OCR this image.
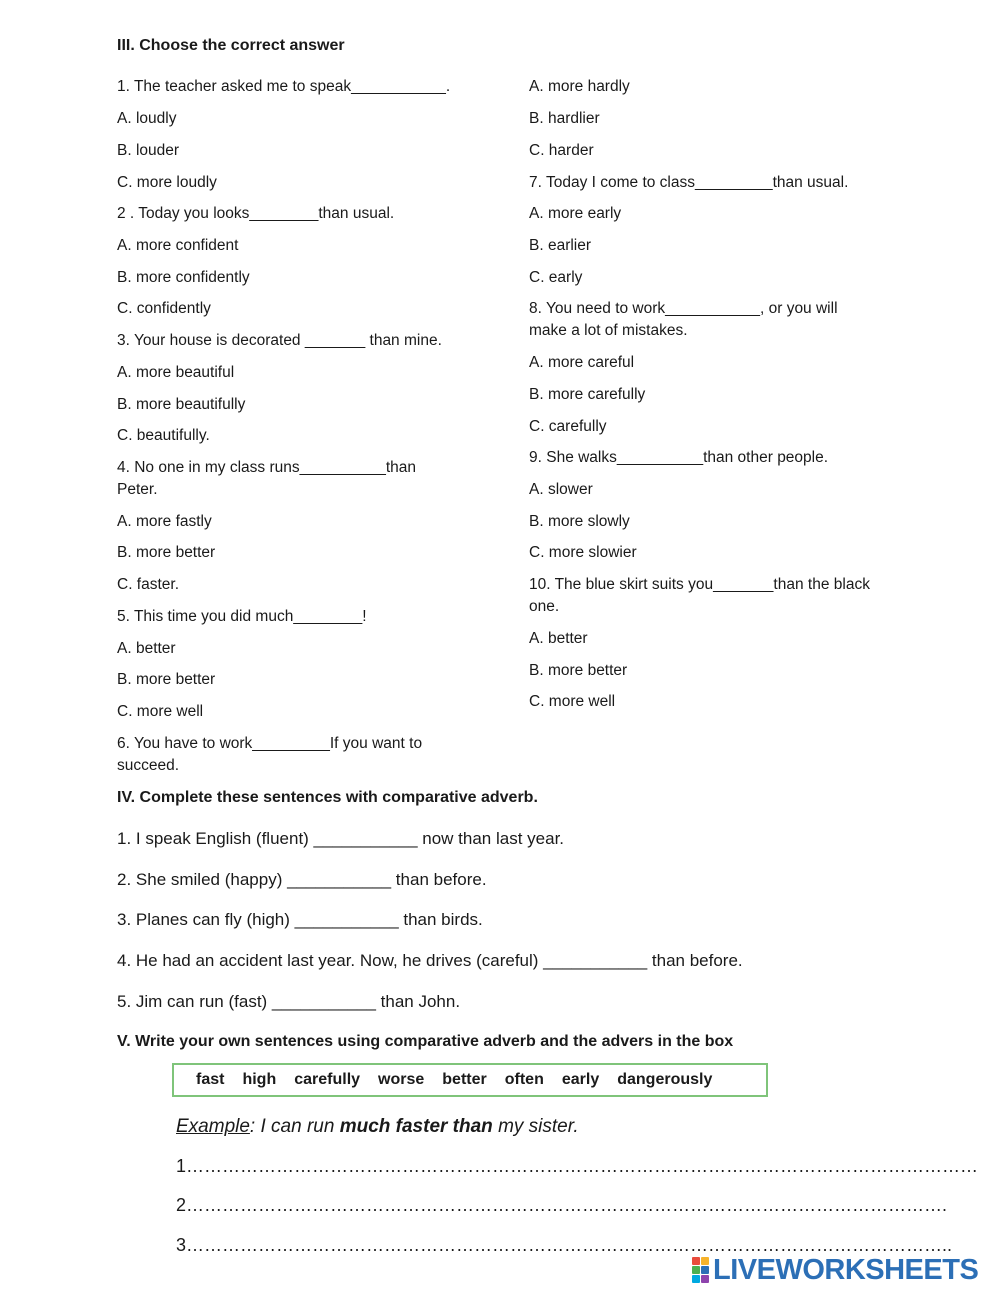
III. Choose the correct answer
1. The teacher asked me to speak___________.
A. loudly
B. louder
C. more loudly
2 . Today you looks________than usual.
A. more confident
B. more confidently
C. confidently
3. Your house is decorated _______ than mine.
A. more beautiful
B. more beautifully
C. beautifully.
4. No one in my class runs__________than Peter.
A. more fastly
B. more better
C. faster.
5. This time you did much________!
A. better
B. more better
C. more well
6. You have to work_________If you want to succeed.
A. more hardly
B. hardlier
C. harder
7. Today I come to class_________than usual.
A. more early
B. earlier
C. early
8. You need to work___________, or you will make a lot of mistakes.
A. more careful
B. more carefully
C. carefully
9. She walks__________than other people.
A. slower
B. more slowly
C. more slowier
10. The blue skirt suits you_______than the black one.
A. better
B. more better
C. more well
IV. Complete these sentences with comparative adverb.
1. I speak English (fluent) ___________ now than last year.
2. She smiled (happy) ___________ than before.
3. Planes can fly (high) ___________ than birds.
4. He had an accident last year. Now, he drives (careful) ___________ than before.
5. Jim can run (fast) ___________ than John.
V. Write your own sentences using comparative adverb and the advers in the box
fast high carefully worse better often early dangerously
Example: I can run much faster than my sister.
1……………………………………………………………………………………………………………………
2……………………………………………………………………………………………………………….
3………………………………………………………………………………………………………………..
LIVEWORKSHEETS
